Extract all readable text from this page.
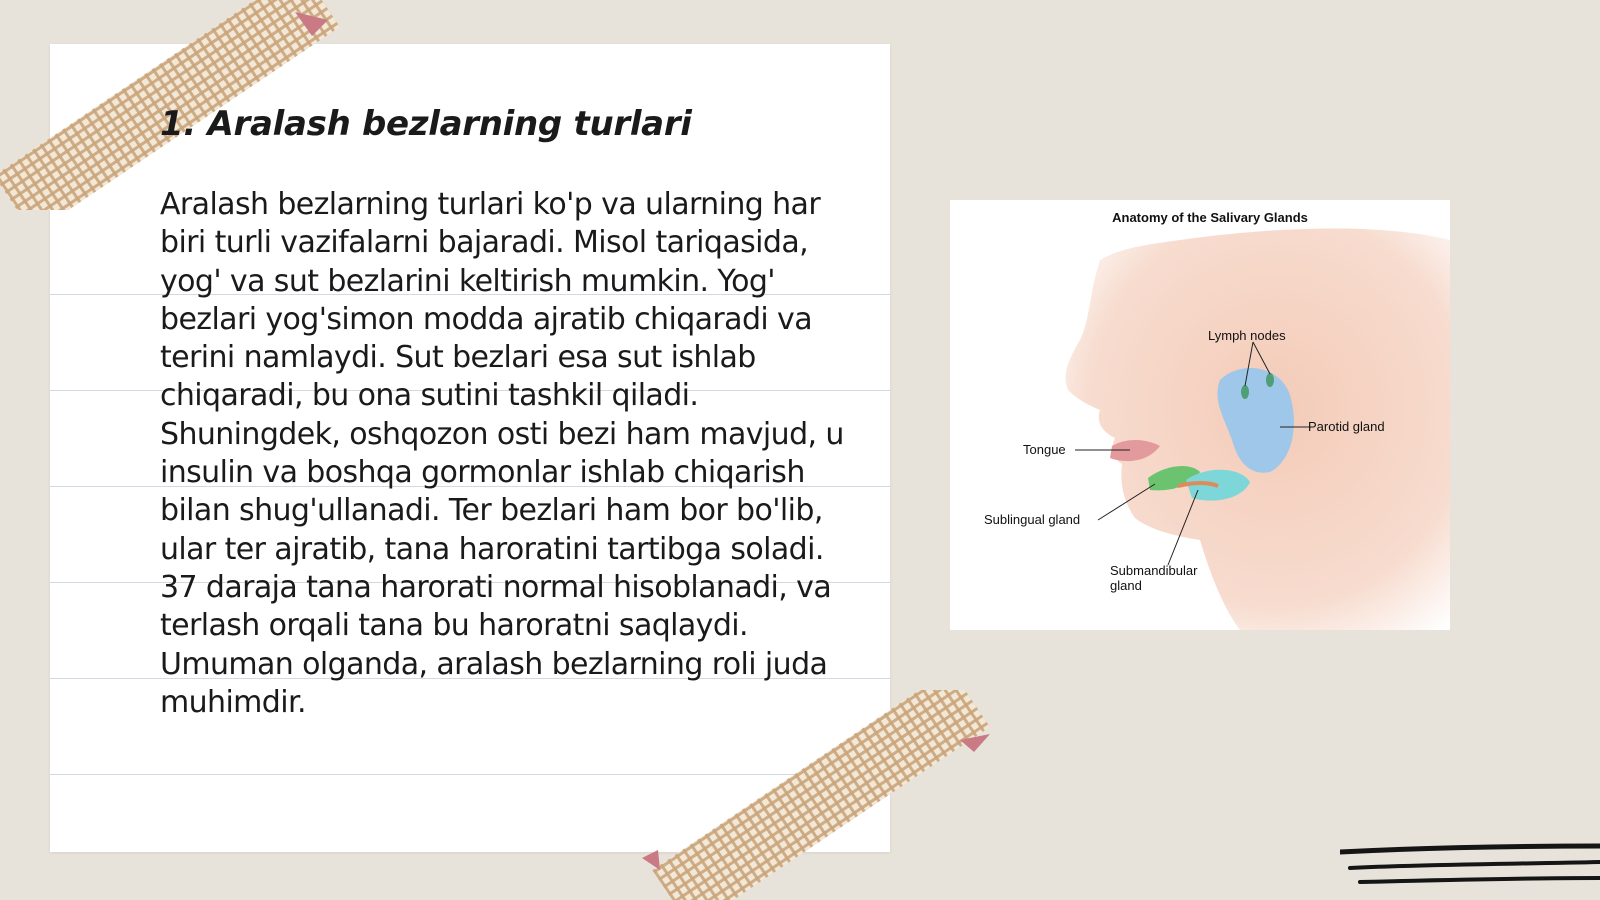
1. Aralash bezlarning turlari

Aralash bezlarning turlari ko'p va ularning har biri turli vazifalarni bajaradi. Misol tariqasida, yog' va sut bezlarini keltirish mumkin. Yog' bezlari yog'simon modda ajratib chiqaradi va terini namlaydi. Sut bezlari esa sut ishlab chiqaradi, bu ona sutini tashkil qiladi. Shuningdek, oshqozon osti bezi ham mavjud, u insulin va boshqa gormonlar ishlab chiqarish bilan shug'ullanadi. Ter bezlari ham bor bo'lib, ular ter ajratib, tana haroratini tartibga soladi. 37 daraja tana harorati normal hisoblanadi, va terlash orqali tana bu haroratni saqlaydi. Umuman olganda, aralash bezlarning roli juda muhimdir.

Anatomy of the Salivary Glands
Lymph nodes
Parotid gland
Tongue
Sublingual gland
Submandibular
gland
